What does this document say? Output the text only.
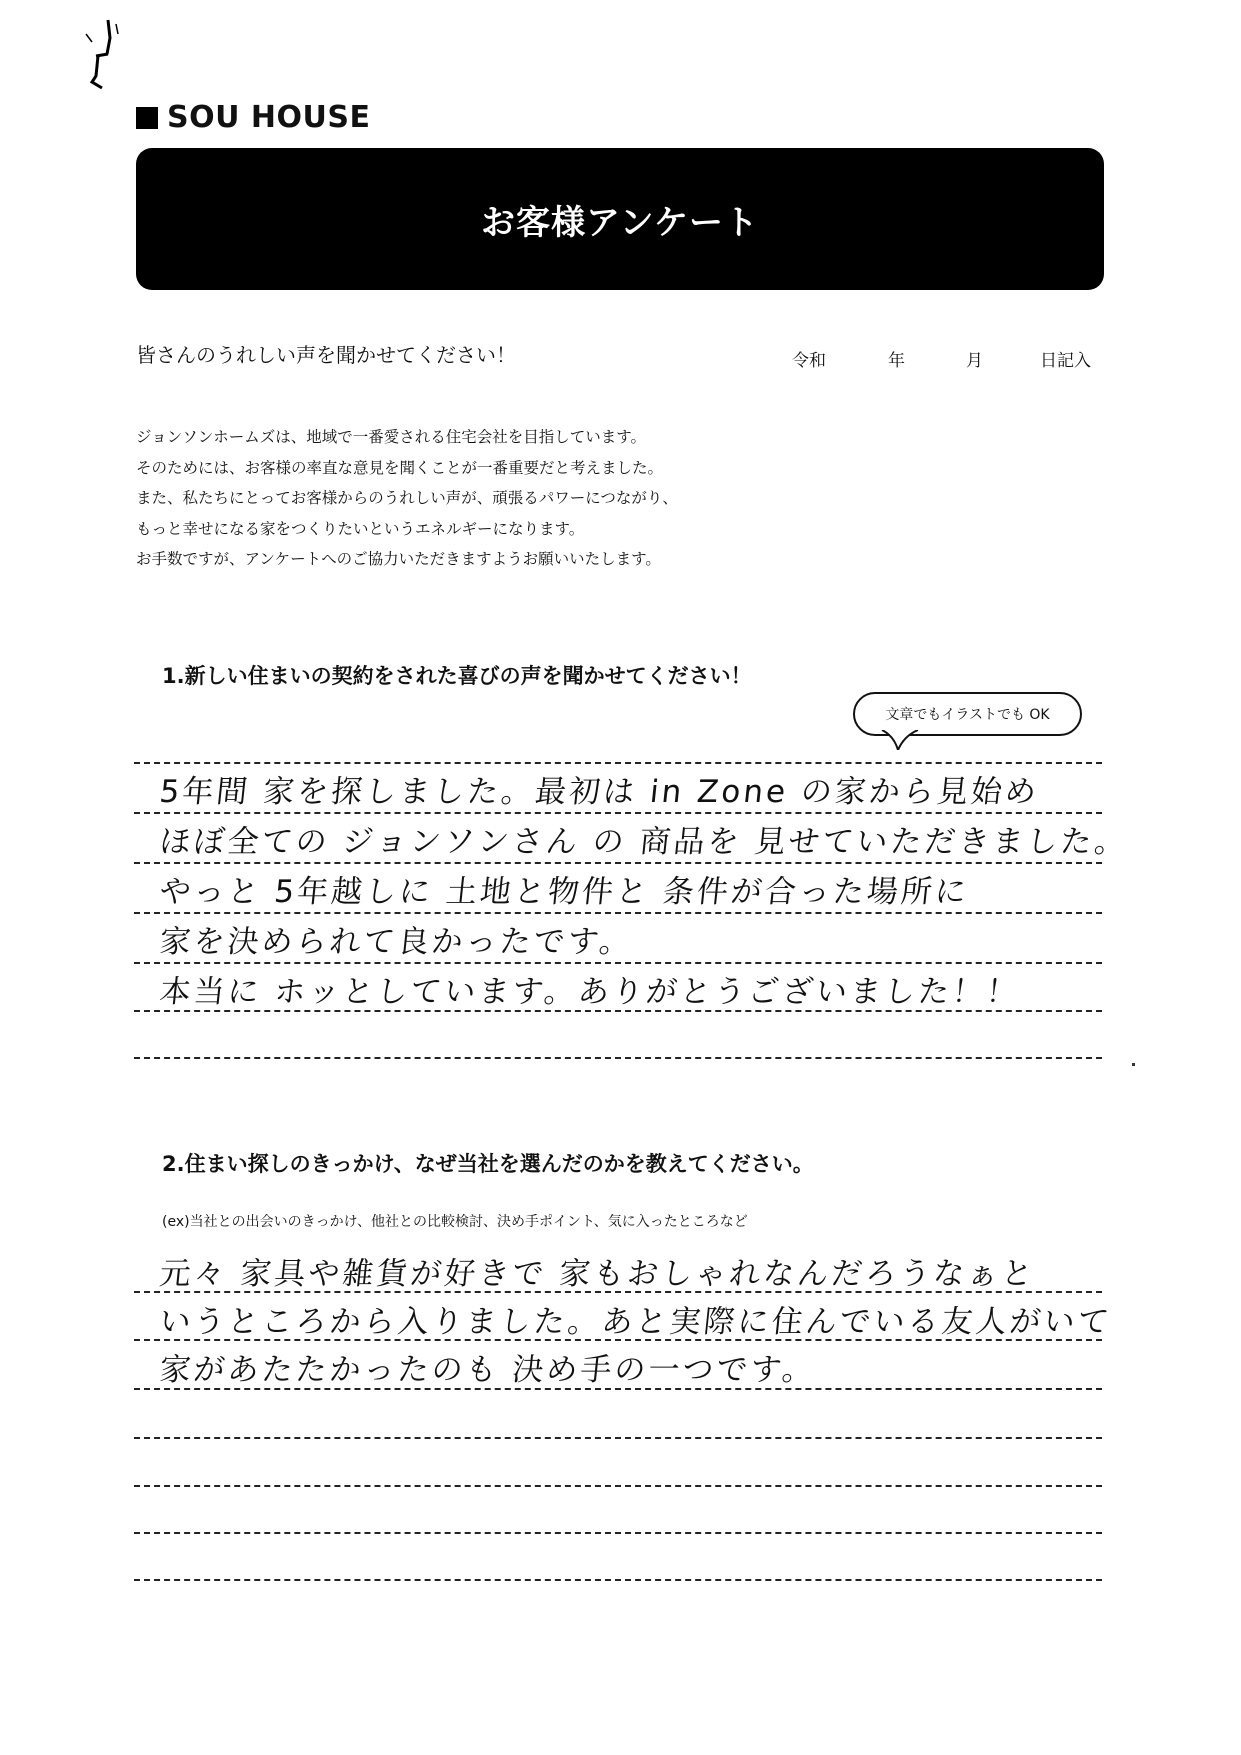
SOU HOUSE
お客様アンケート
皆さんのうれしい声を聞かせてください！	令和	年	月	日記入

ジョンソンホームズは、地域で一番愛される住宅会社を目指しています。

そのためには、お客様の率直な意見を聞くことが一番重要だと考えました。

また、私たちにとってお客様からのうれしい声が、頑張るパワーにつながり、

もっと幸せになる家をつくりたいというエネルギーになります。

お手数ですが、アンケートへのご協力いただきますようお願いいたします。

1.新しい住まいの契約をされた喜びの声を聞かせてください！
文章でもイラストでも OK
5年間 家を探しました。最初は in Zone の家から見始め
ほぼ全ての ジョンソンさん の 商品を 見せていただきました。
やっと 5年越しに 土地と物件と 条件が合った場所に
家を決められて良かったです。
本当に ホッとしています。ありがとうございました！！
2.住まい探しのきっかけ、なぜ当社を選んだのかを教えてください。
(ex)当社との出会いのきっかけ、他社との比較検討、決め手ポイント、気に入ったところなど
元々 家具や雑貨が好きで 家もおしゃれなんだろうなぁと
いうところから入りました。あと実際に住んでいる友人がいて
家があたたかったのも 決め手の一つです。
